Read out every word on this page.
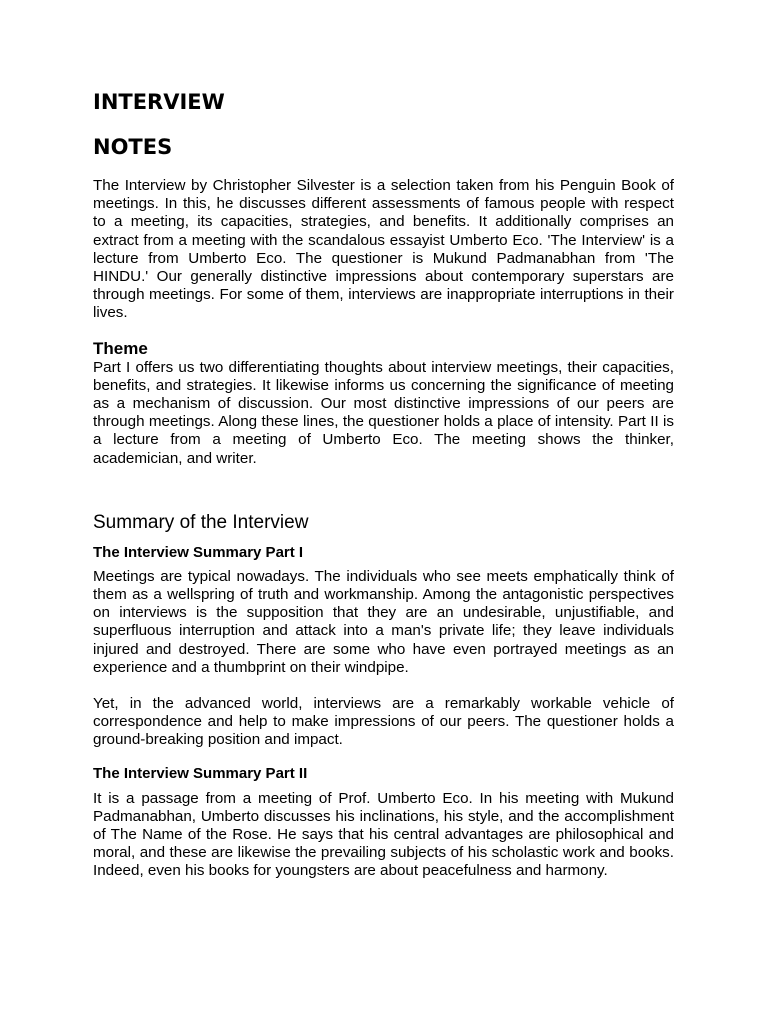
INTERVIEW
NOTES

The Interview by Christopher Silvester is a selection taken from his Penguin Book of meetings. In this, he discusses different assessments of famous people with respect to a meeting, its capacities, strategies, and benefits. It additionally comprises an extract from a meeting with the scandalous essayist Umberto Eco. 'The Interview' is a lecture from Umberto Eco. The questioner is Mukund Padmanabhan from 'The HINDU.' Our generally distinctive impressions about contemporary superstars are through meetings. For some of them, interviews are inappropriate interruptions in their lives.

Theme

Part I offers us two differentiating thoughts about interview meetings, their capacities, benefits, and strategies. It likewise informs us concerning the significance of meeting as a mechanism of discussion. Our most distinctive impressions of our peers are through meetings. Along these lines, the questioner holds a place of intensity. Part II is a lecture from a meeting of Umberto Eco. The meeting shows the thinker, academician, and writer.

Summary of the Interview
The Interview Summary Part I

Meetings are typical nowadays. The individuals who see meets emphatically think of them as a wellspring of truth and workmanship. Among the antagonistic perspectives on interviews is the supposition that they are an undesirable, unjustifiable, and superfluous interruption and attack into a man's private life; they leave individuals injured and destroyed. There are some who have even portrayed meetings as an experience and a thumbprint on their windpipe.

Yet, in the advanced world, interviews are a remarkably workable vehicle of correspondence and help to make impressions of our peers. The questioner holds a ground-breaking position and impact.

The Interview Summary Part II

It is a passage from a meeting of Prof. Umberto Eco. In his meeting with Mukund Padmanabhan, Umberto discusses his inclinations, his style, and the accomplishment of The Name of the Rose. He says that his central advantages are philosophical and moral, and these are likewise the prevailing subjects of his scholastic work and books. Indeed, even his books for youngsters are about peacefulness and harmony.
